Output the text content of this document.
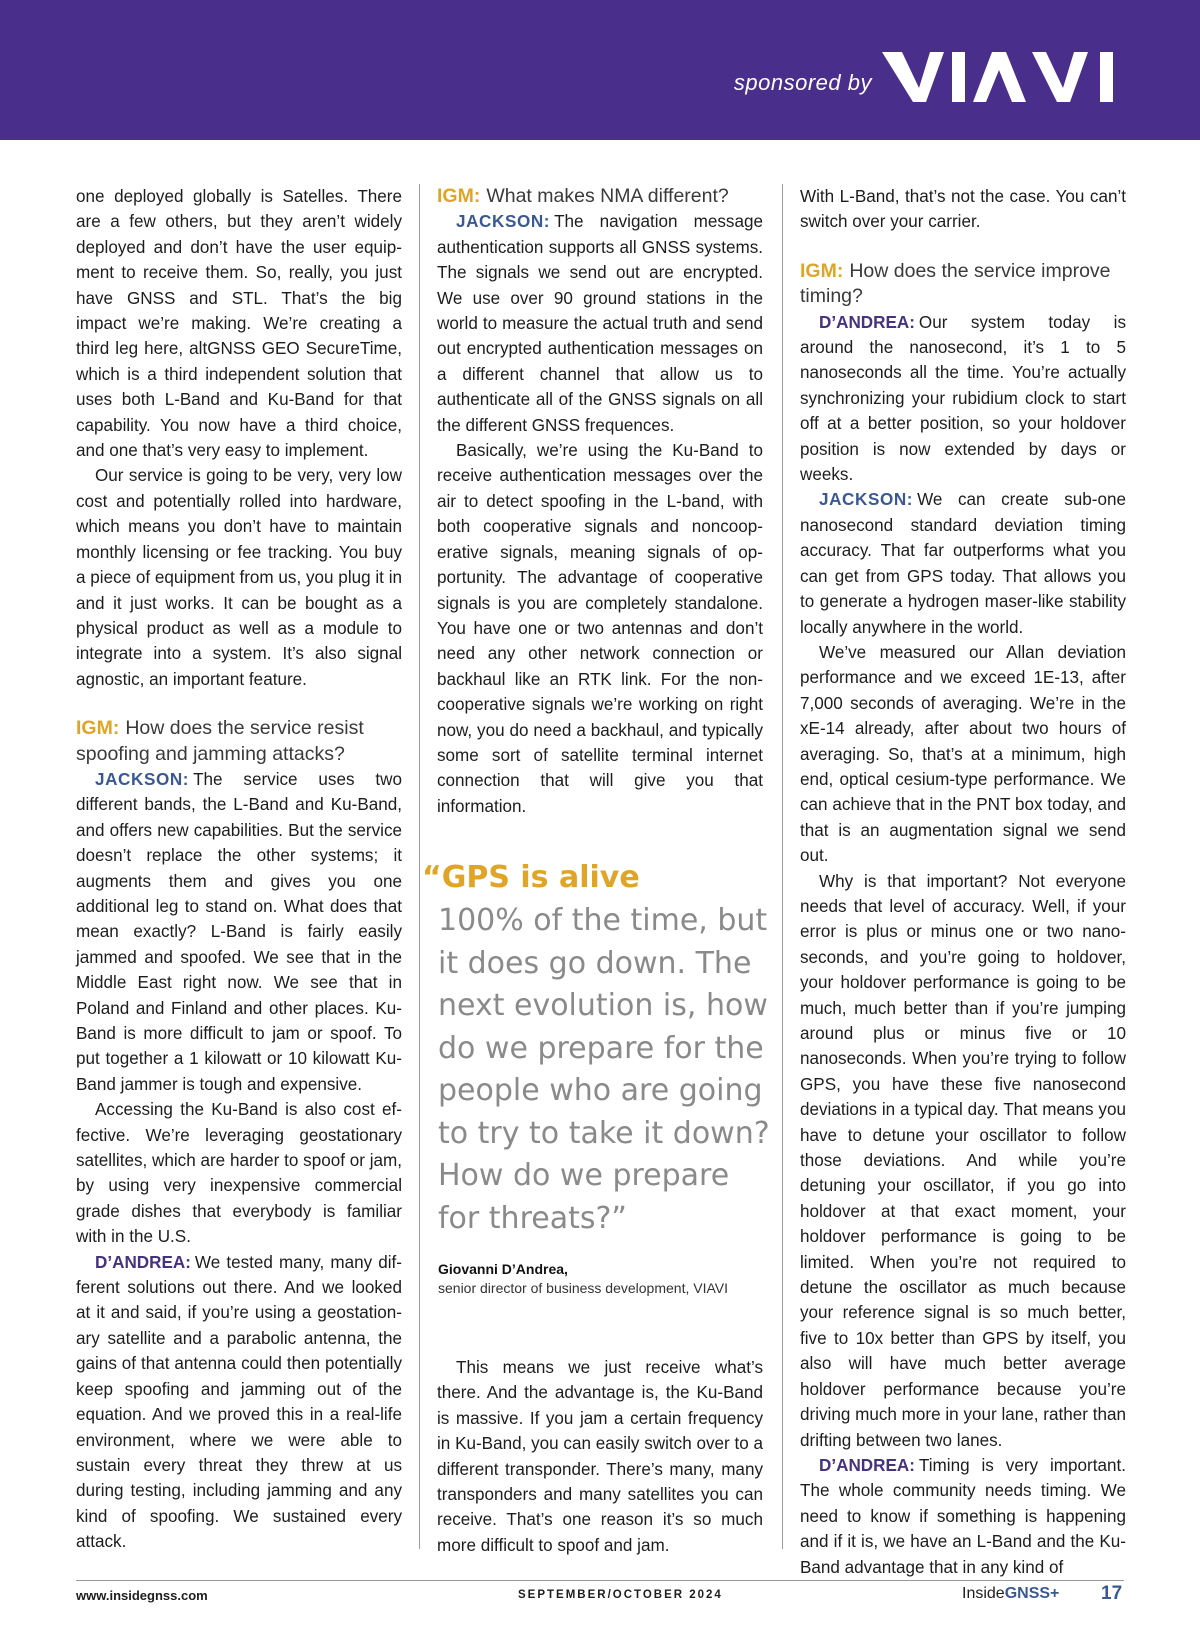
sponsored by

one deployed globally is Satelles. There are a few others, but they aren’t widely deployed and don’t have the user equipment to receive them. So, really, you just have GNSS and STL. That’s the big impact we’re making. We’re creating a third leg here, altGNSS GEO SecureTime, which is a third independent solution that uses both L-Band and Ku-Band for that capability. You now have a third choice, and one that’s very easy to implement.

Our service is going to be very, very low cost and potentially rolled into hardware, which means you don’t have to maintain monthly licensing or fee tracking. You buy a piece of equipment from us, you plug it in and it just works. It can be bought as a physical product as well as a module to integrate into a system. It’s also signal agnostic, an important feature.

IGM: How does the service resist spoofing and jamming attacks?

JACKSON: The service uses two different bands, the L-Band and Ku-Band, and offers new capabilities. But the service doesn’t replace the other systems; it augments them and gives you one additional leg to stand on. What does that mean exactly? L-Band is fairly easily jammed and spoofed. We see that in the Middle East right now. We see that in Poland and Finland and other places. Ku-Band is more difficult to jam or spoof. To put together a 1 kilowatt or 10 kilowatt Ku-Band jammer is tough and expensive.

Accessing the Ku-Band is also cost effective. We’re leveraging geostationary satellites, which are harder to spoof or jam, by using very inexpensive commercial grade dishes that everybody is familiar with in the U.S.

D’ANDREA: We tested many, many different solutions out there. And we looked at it and said, if you’re using a geostationary satellite and a parabolic antenna, the gains of that antenna could then potentially keep spoofing and jamming out of the equation. And we proved this in a real-life environment, where we were able to sustain every threat they threw at us during testing, including jamming and any kind of spoofing. We sustained every attack.

IGM: What makes NMA different?

JACKSON: The navigation message authentication supports all GNSS systems. The signals we send out are encrypted. We use over 90 ground stations in the world to measure the actual truth and send out encrypted authentication messages on a different channel that allow us to authenticate all of the GNSS signals on all the different GNSS frequences.

Basically, we’re using the Ku-Band to receive authentication messages over the air to detect spoofing in the L-band, with both cooperative signals and noncooperative signals, meaning signals of opportunity. The advantage of cooperative signals is you are completely standalone. You have one or two antennas and don’t need any other network connection or backhaul like an RTK link. For the noncooperative signals we’re working on right now, you do need a backhaul, and typically some sort of satellite terminal internet connection that will give you that information.

“GPS is alive
100% of the time, but it does go down. The next evolution is, how do we prepare for the people who are going to try to take it down? How do we prepare for threats?”
Giovanni D’Andrea,
senior director of business development, VIAVI

This means we just receive what’s there. And the advantage is, the Ku-Band is massive. If you jam a certain frequency in Ku-Band, you can easily switch over to a different transponder. There’s many, many transponders and many satellites you can receive. That’s one reason it’s so much more difficult to spoof and jam.

With L-Band, that’s not the case. You can’t switch over your carrier.

IGM: How does the service improve timing?

D’ANDREA: Our system today is around the nanosecond, it’s 1 to 5 nanoseconds all the time. You’re actually synchronizing your rubidium clock to start off at a better position, so your holdover position is now extended by days or weeks.

JACKSON: We can create sub-one nanosecond standard deviation timing accuracy. That far outperforms what you can get from GPS today. That allows you to generate a hydrogen maser-like stability locally anywhere in the world.

We’ve measured our Allan deviation performance and we exceed 1E-13, after 7,000 seconds of averaging. We’re in the xE-14 already, after about two hours of averaging. So, that’s at a minimum, high end, optical cesium-type performance. We can achieve that in the PNT box today, and that is an augmentation signal we send out.

Why is that important? Not everyone needs that level of accuracy. Well, if your error is plus or minus one or two nanoseconds, and you’re going to holdover, your holdover performance is going to be much, much better than if you’re jumping around plus or minus five or 10 nanoseconds. When you’re trying to follow GPS, you have these five nanosecond deviations in a typical day. That means you have to detune your oscillator to follow those deviations. And while you’re detuning your oscillator, if you go into holdover at that exact moment, your holdover performance is going to be limited. When you’re not required to detune the oscillator as much because your reference signal is so much better, five to 10x better than GPS by itself, you also will have much better average holdover performance because you’re driving much more in your lane, rather than drifting between two lanes.

D’ANDREA: Timing is very important. The whole community needs timing. We need to know if something is happening and if it is, we have an L-Band and the Ku-Band advantage that in any kind of

www.insidegnss.com	SEPTEMBER/OCTOBER 2024	InsideGNSS+ 17
